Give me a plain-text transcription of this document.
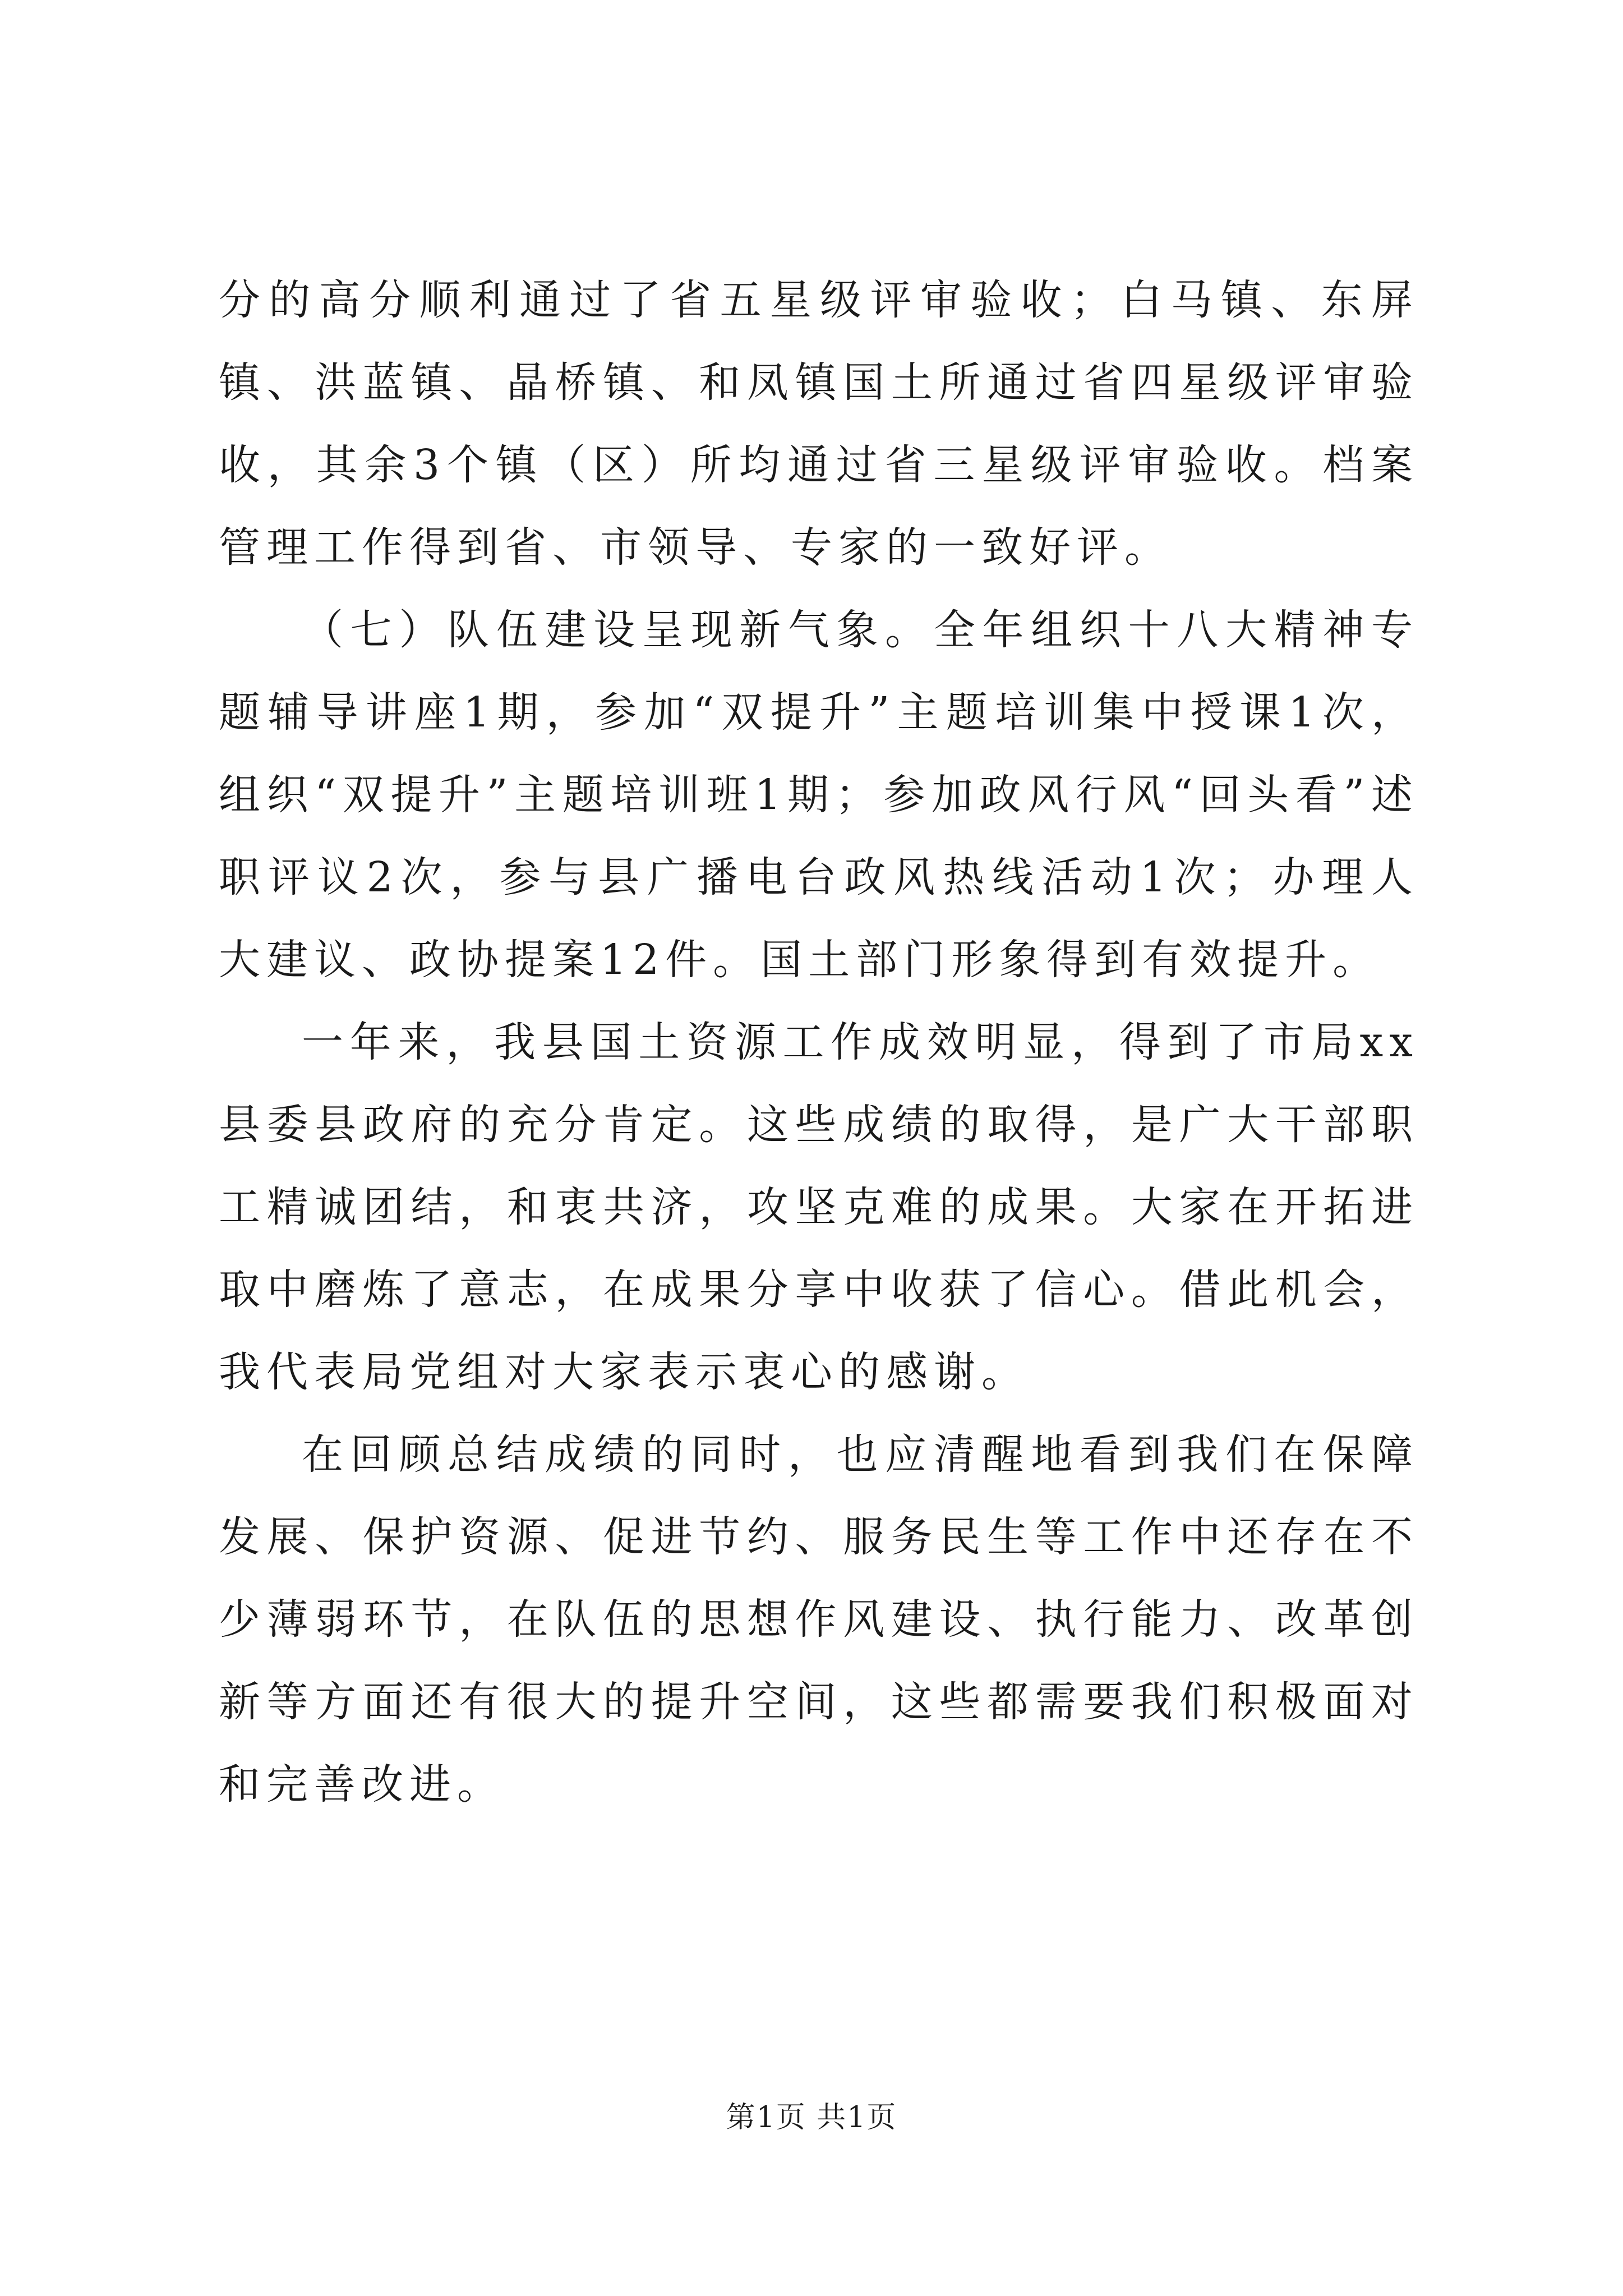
分的高分顺利通过了省五星级评审验收；白马镇、东屏镇、洪蓝镇、晶桥镇、和凤镇国土所通过省四星级评审验收，其余3个镇（区）所均通过省三星级评审验收。档案管理工作得到省、市领导、专家的一致好评。

（七）队伍建设呈现新气象。全年组织十八大精神专题辅导讲座1期，参加“双提升”主题培训集中授课1次，组织“双提升”主题培训班1期；参加政风行风“回头看”述职评议2次，参与县广播电台政风热线活动1次；办理人大建议、政协提案12件。国土部门形象得到有效提升。

一年来，我县国土资源工作成效明显，得到了市局xx县委县政府的充分肯定。这些成绩的取得，是广大干部职工精诚团结，和衷共济，攻坚克难的成果。大家在开拓进取中磨炼了意志，在成果分享中收获了信心。借此机会，我代表局党组对大家表示衷心的感谢。

在回顾总结成绩的同时，也应清醒地看到我们在保障发展、保护资源、促进节约、服务民生等工作中还存在不少薄弱环节，在队伍的思想作风建设、执行能力、改革创新等方面还有很大的提升空间，这些都需要我们积极面对和完善改进。

第1页 共1页
